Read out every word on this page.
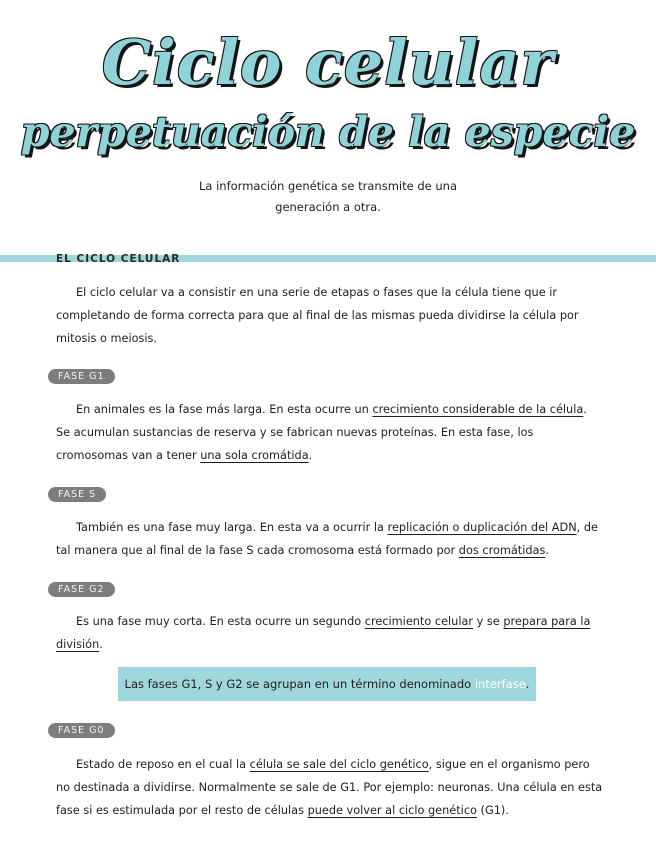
Ciclo celular
perpetuación de la especie
La información genética se transmite de una
generación a otra.
EL CICLO CELULAR
El ciclo celular va a consistir en una serie de etapas o fases que la célula tiene que ir completando de forma correcta para que al final de las mismas pueda dividirse la célula por mitosis o meiosis.
FASE G1
En animales es la fase más larga. En esta ocurre un crecimiento considerable de la célula. Se acumulan sustancias de reserva y se fabrican nuevas proteínas. En esta fase, los cromosomas van a tener una sola cromátida.
FASE S
También es una fase muy larga. En esta va a ocurrir la replicación o duplicación del ADN, de tal manera que al final de la fase S cada cromosoma está formado por dos cromátidas.
FASE G2
Es una fase muy corta. En esta ocurre un segundo crecimiento celular y se prepara para la división.
Las fases G1, S y G2 se agrupan en un término denominado interfase.
FASE G0
Estado de reposo en el cual la célula se sale del ciclo genético, sigue en el organismo pero no destinada a dividirse. Normalmente se sale de G1. Por ejemplo: neuronas. Una célula en esta fase si es estimulada por el resto de células puede volver al ciclo genético (G1).
